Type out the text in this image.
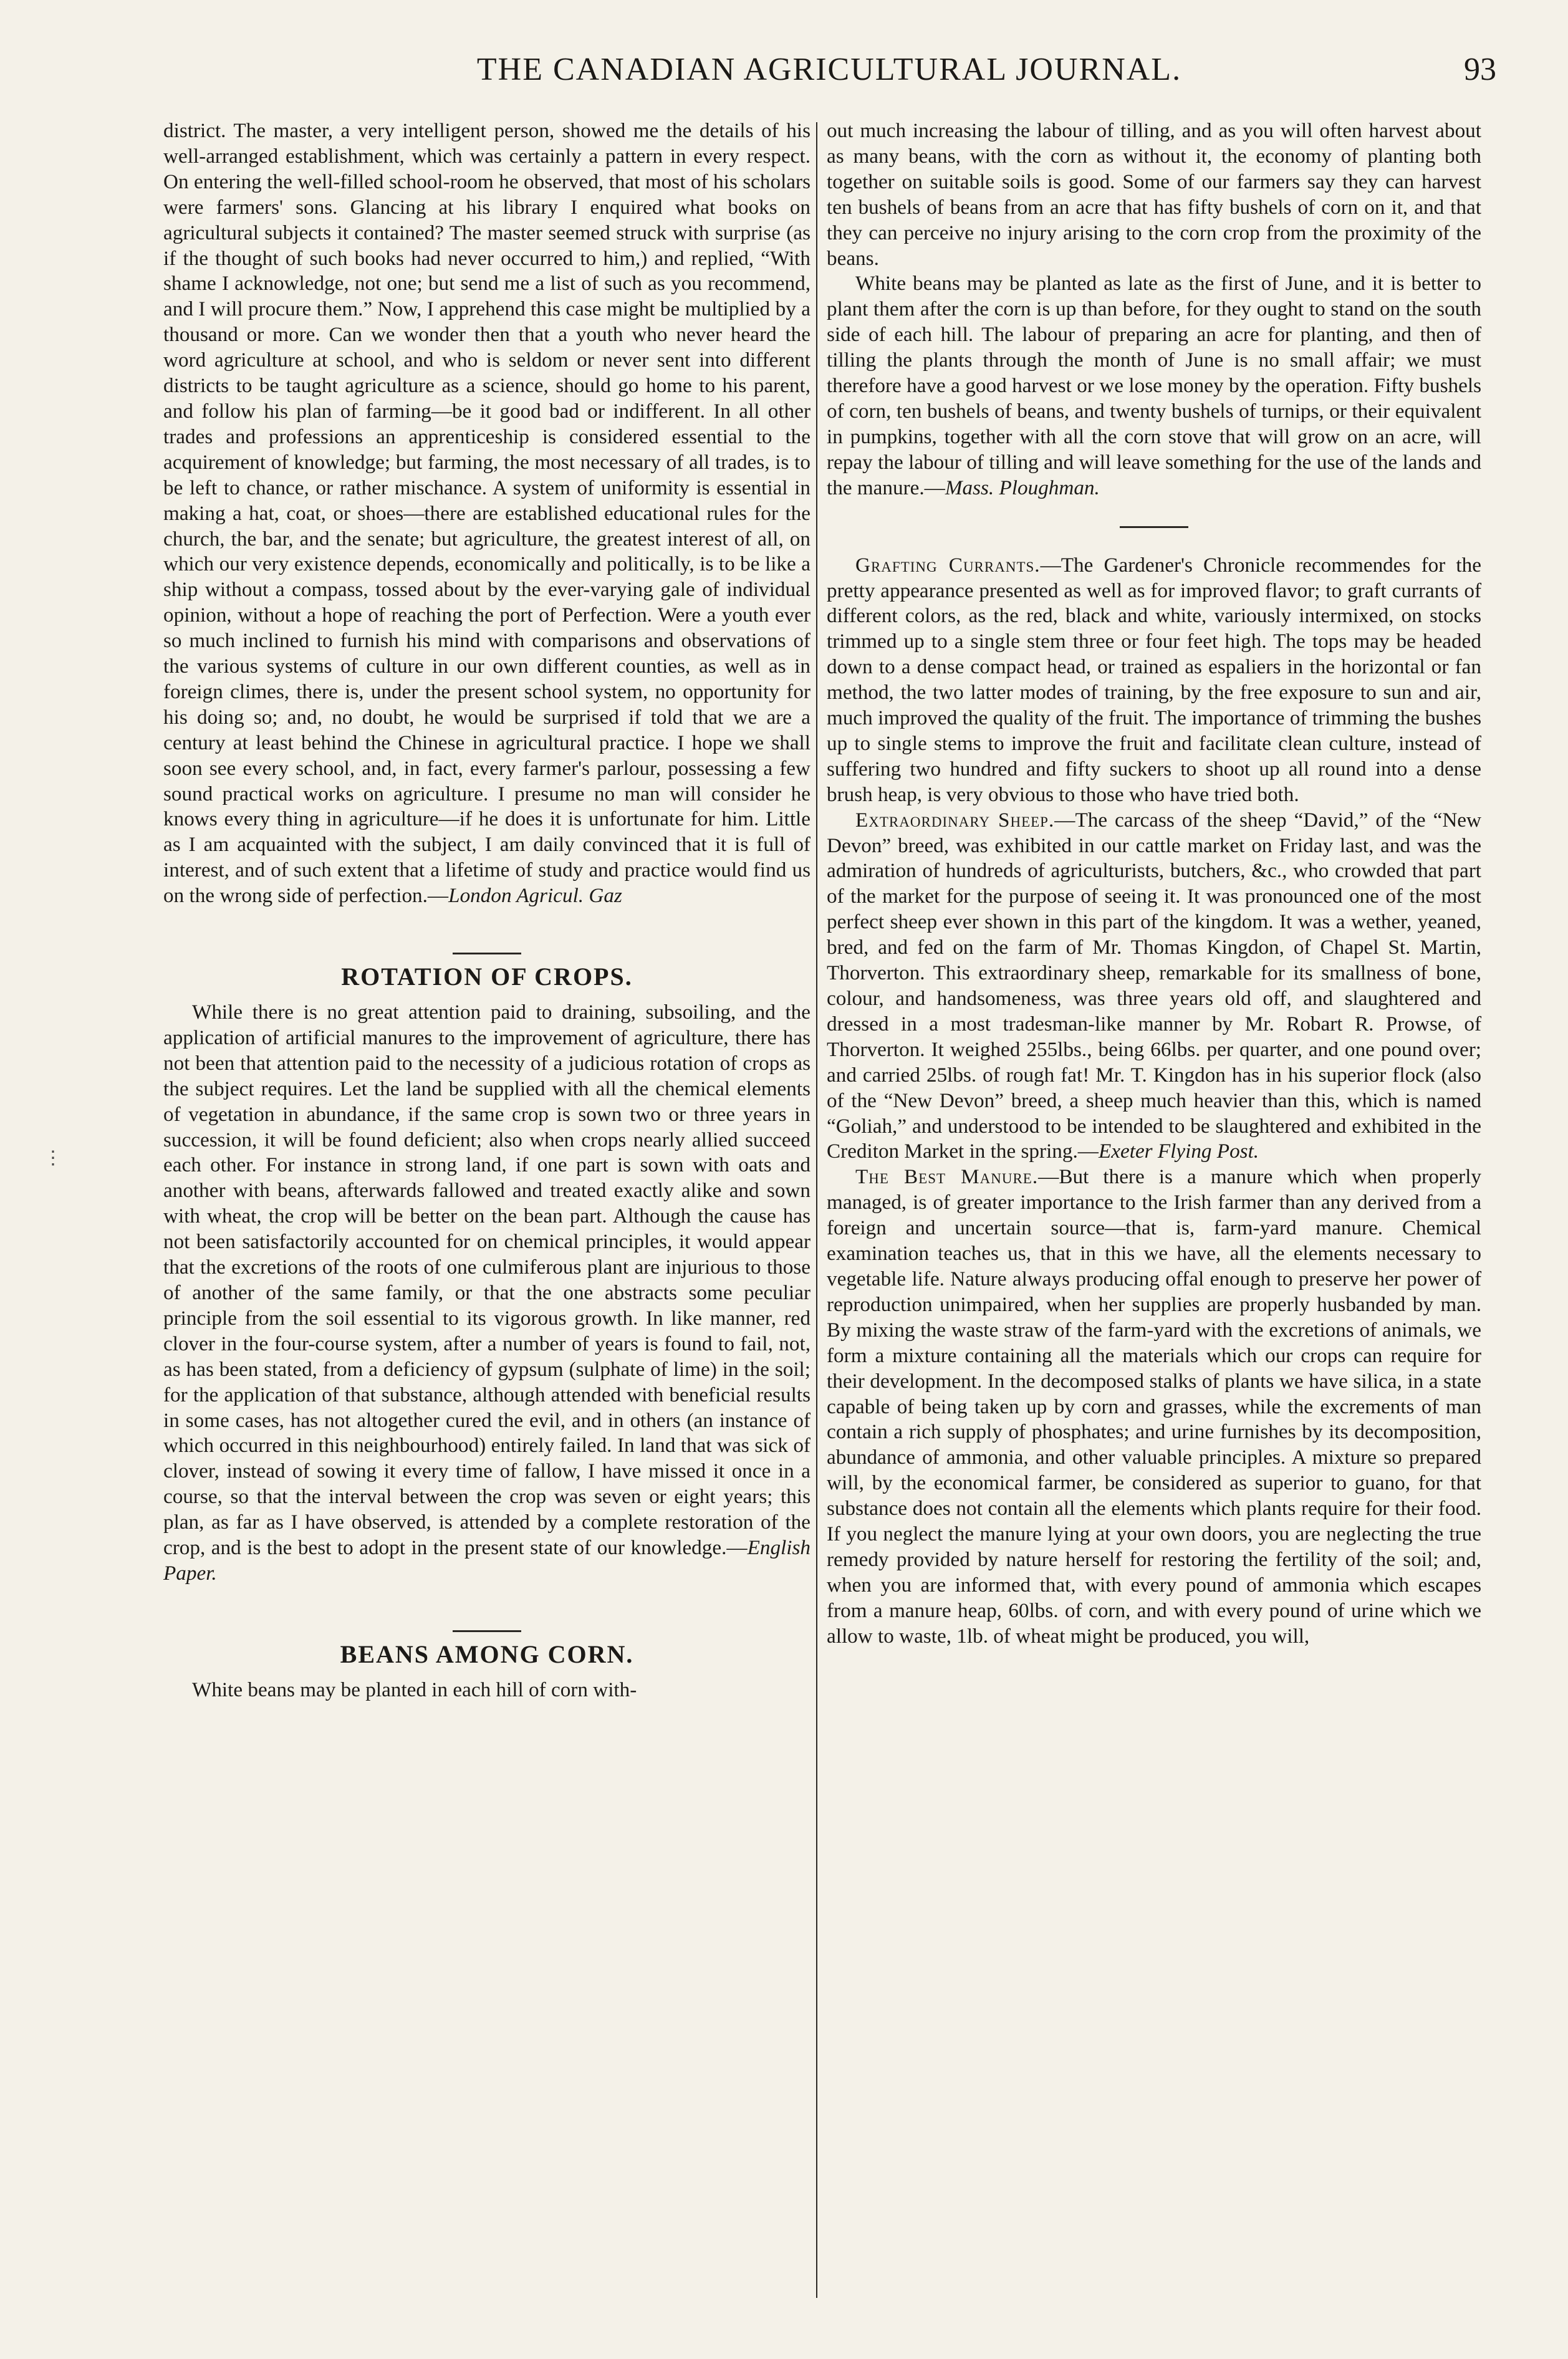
THE CANADIAN AGRICULTURAL JOURNAL.	93

district. The master, a very intelligent person, showed me the details of his well-arranged establishment, which was certainly a pattern in every respect. On entering the well-filled school-room he observed, that most of his scholars were farmers' sons. Glancing at his library I enquired what books on agricultural subjects it contained? The master seemed struck with surprise (as if the thought of such books had never occurred to him,) and replied, “With shame I acknowledge, not one; but send me a list of such as you recommend, and I will procure them.” Now, I apprehend this case might be multiplied by a thousand or more. Can we wonder then that a youth who never heard the word agriculture at school, and who is seldom or never sent into different districts to be taught agriculture as a science, should go home to his parent, and follow his plan of farming—be it good bad or indifferent. In all other trades and professions an apprenticeship is considered essential to the acquirement of knowledge; but farming, the most necessary of all trades, is to be left to chance, or rather mischance. A system of uniformity is essential in making a hat, coat, or shoes—there are established educational rules for the church, the bar, and the senate; but agriculture, the greatest interest of all, on which our very existence depends, economically and politically, is to be like a ship without a compass, tossed about by the ever-varying gale of individual opinion, without a hope of reaching the port of Perfection. Were a youth ever so much inclined to furnish his mind with comparisons and observations of the various systems of culture in our own different counties, as well as in foreign climes, there is, under the present school system, no opportunity for his doing so; and, no doubt, he would be surprised if told that we are a century at least behind the Chinese in agricultural practice. I hope we shall soon see every school, and, in fact, every farmer's parlour, possessing a few sound practical works on agriculture. I presume no man will consider he knows every thing in agriculture—if he does it is unfortunate for him. Little as I am acquainted with the subject, I am daily convinced that it is full of interest, and of such extent that a lifetime of study and practice would find us on the wrong side of perfection.—London Agricul. Gaz

ROTATION OF CROPS.

While there is no great attention paid to draining, subsoiling, and the application of artificial manures to the improvement of agriculture, there has not been that attention paid to the necessity of a judicious rotation of crops as the subject requires. Let the land be supplied with all the chemical elements of vegetation in abundance, if the same crop is sown two or three years in succession, it will be found deficient; also when crops nearly allied succeed each other. For instance in strong land, if one part is sown with oats and another with beans, afterwards fallowed and treated exactly alike and sown with wheat, the crop will be better on the bean part. Although the cause has not been satisfactorily accounted for on chemical principles, it would appear that the excretions of the roots of one culmiferous plant are injurious to those of another of the same family, or that the one abstracts some peculiar principle from the soil essential to its vigorous growth. In like manner, red clover in the four-course system, after a number of years is found to fail, not, as has been stated, from a deficiency of gypsum (sulphate of lime) in the soil; for the application of that substance, although attended with beneficial results in some cases, has not altogether cured the evil, and in others (an instance of which occurred in this neighbourhood) entirely failed. In land that was sick of clover, instead of sowing it every time of fallow, I have missed it once in a course, so that the interval between the crop was seven or eight years; this plan, as far as I have observed, is attended by a complete restoration of the crop, and is the best to adopt in the present state of our knowledge.—English Paper.

BEANS AMONG CORN.

White beans may be planted in each hill of corn with-

out much increasing the labour of tilling, and as you will often harvest about as many beans, with the corn as without it, the economy of planting both together on suitable soils is good. Some of our farmers say they can harvest ten bushels of beans from an acre that has fifty bushels of corn on it, and that they can perceive no injury arising to the corn crop from the proximity of the beans.

White beans may be planted as late as the first of June, and it is better to plant them after the corn is up than before, for they ought to stand on the south side of each hill. The labour of preparing an acre for planting, and then of tilling the plants through the month of June is no small affair; we must therefore have a good harvest or we lose money by the operation. Fifty bushels of corn, ten bushels of beans, and twenty bushels of turnips, or their equivalent in pumpkins, together with all the corn stove that will grow on an acre, will repay the labour of tilling and will leave something for the use of the lands and the manure.—Mass. Ploughman.

Grafting Currants.—The Gardener's Chronicle recommendes for the pretty appearance presented as well as for improved flavor; to graft currants of different colors, as the red, black and white, variously intermixed, on stocks trimmed up to a single stem three or four feet high. The tops may be headed down to a dense compact head, or trained as espaliers in the horizontal or fan method, the two latter modes of training, by the free exposure to sun and air, much improved the quality of the fruit. The importance of trimming the bushes up to single stems to improve the fruit and facilitate clean culture, instead of suffering two hundred and fifty suckers to shoot up all round into a dense brush heap, is very obvious to those who have tried both.

Extraordinary Sheep.—The carcass of the sheep “David,” of the “New Devon” breed, was exhibited in our cattle market on Friday last, and was the admiration of hundreds of agriculturists, butchers, &c., who crowded that part of the market for the purpose of seeing it. It was pronounced one of the most perfect sheep ever shown in this part of the kingdom. It was a wether, yeaned, bred, and fed on the farm of Mr. Thomas Kingdon, of Chapel St. Martin, Thorverton. This extraordinary sheep, remarkable for its smallness of bone, colour, and handsomeness, was three years old off, and slaughtered and dressed in a most tradesman-like manner by Mr. Robart R. Prowse, of Thorverton. It weighed 255lbs., being 66lbs. per quarter, and one pound over; and carried 25lbs. of rough fat! Mr. T. Kingdon has in his superior flock (also of the “New Devon” breed, a sheep much heavier than this, which is named “Goliah,” and understood to be intended to be slaughtered and exhibited in the Crediton Market in the spring.—Exeter Flying Post.

The Best Manure.—But there is a manure which when properly managed, is of greater importance to the Irish farmer than any derived from a foreign and uncertain source—that is, farm-yard manure. Chemical examination teaches us, that in this we have, all the elements necessary to vegetable life. Nature always producing offal enough to preserve her power of reproduction unimpaired, when her supplies are properly husbanded by man. By mixing the waste straw of the farm-yard with the excretions of animals, we form a mixture containing all the materials which our crops can require for their development. In the decomposed stalks of plants we have silica, in a state capable of being taken up by corn and grasses, while the excrements of man contain a rich supply of phosphates; and urine furnishes by its decomposition, abundance of ammonia, and other valuable principles. A mixture so prepared will, by the economical farmer, be considered as superior to guano, for that substance does not contain all the elements which plants require for their food. If you neglect the manure lying at your own doors, you are neglecting the true remedy provided by nature herself for restoring the fertility of the soil; and, when you are informed that, with every pound of ammonia which escapes from a manure heap, 60lbs. of corn, and with every pound of urine which we allow to waste, 1lb. of wheat might be produced, you will,

⋮
